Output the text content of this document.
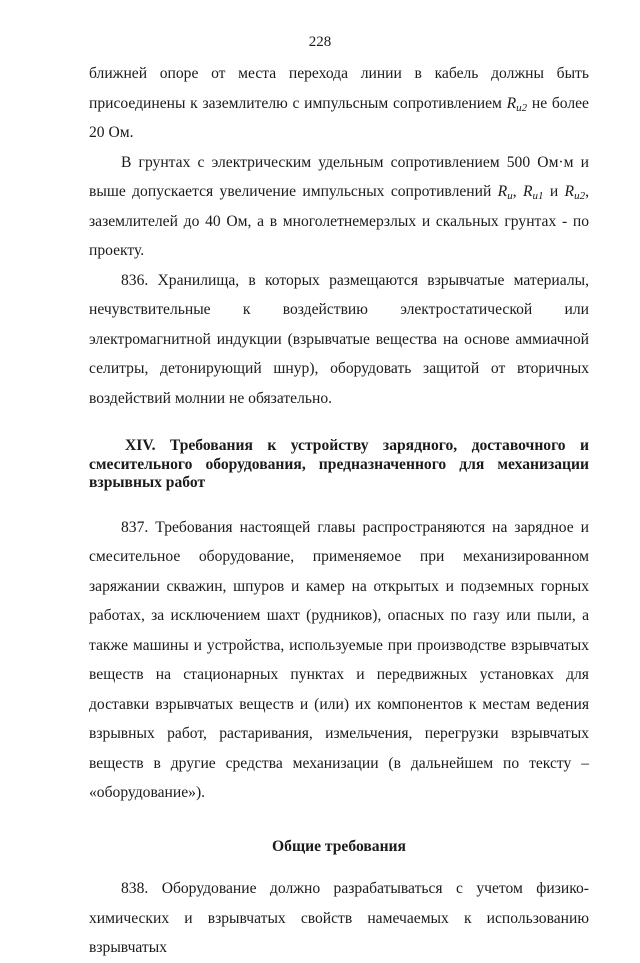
228

ближней опоре от места перехода линии в кабель должны быть присоединены к заземлителю с импульсным сопротивлением $R_{u2}$ не более 20 Ом.

В грунтах с электрическим удельным сопротивлением 500 Ом·м и выше допускается увеличение импульсных сопротивлений $R_u$, $R_{u1}$ и $R_{u2}$, заземлителей до 40 Ом, а в многолетнемерзлых и скальных грунтах - по проекту.

836. Хранилища, в которых размещаются взрывчатые материалы, нечувствительные к воздействию электростатической или электромагнитной индукции (взрывчатые вещества на основе аммиачной селитры, детонирующий шнур), оборудовать защитой от вторичных воздействий молнии не обязательно.

XIV. Требования к устройству зарядного, доставочного и смесительного оборудования, предназначенного для механизации взрывных работ

837. Требования настоящей главы распространяются на зарядное и смесительное оборудование, применяемое при механизированном заряжании скважин, шпуров и камер на открытых и подземных горных работах, за исключением шахт (рудников), опасных по газу или пыли, а также машины и устройства, используемые при производстве взрывчатых веществ на стационарных пунктах и передвижных установках для доставки взрывчатых веществ и (или) их компонентов к местам ведения взрывных работ, растаривания, измельчения, перегрузки взрывчатых веществ в другие средства механизации (в дальнейшем по тексту – «оборудование»).

Общие требования

838. Оборудование должно разрабатываться с учетом физико-химических и взрывчатых свойств намечаемых к использованию взрывчатых
